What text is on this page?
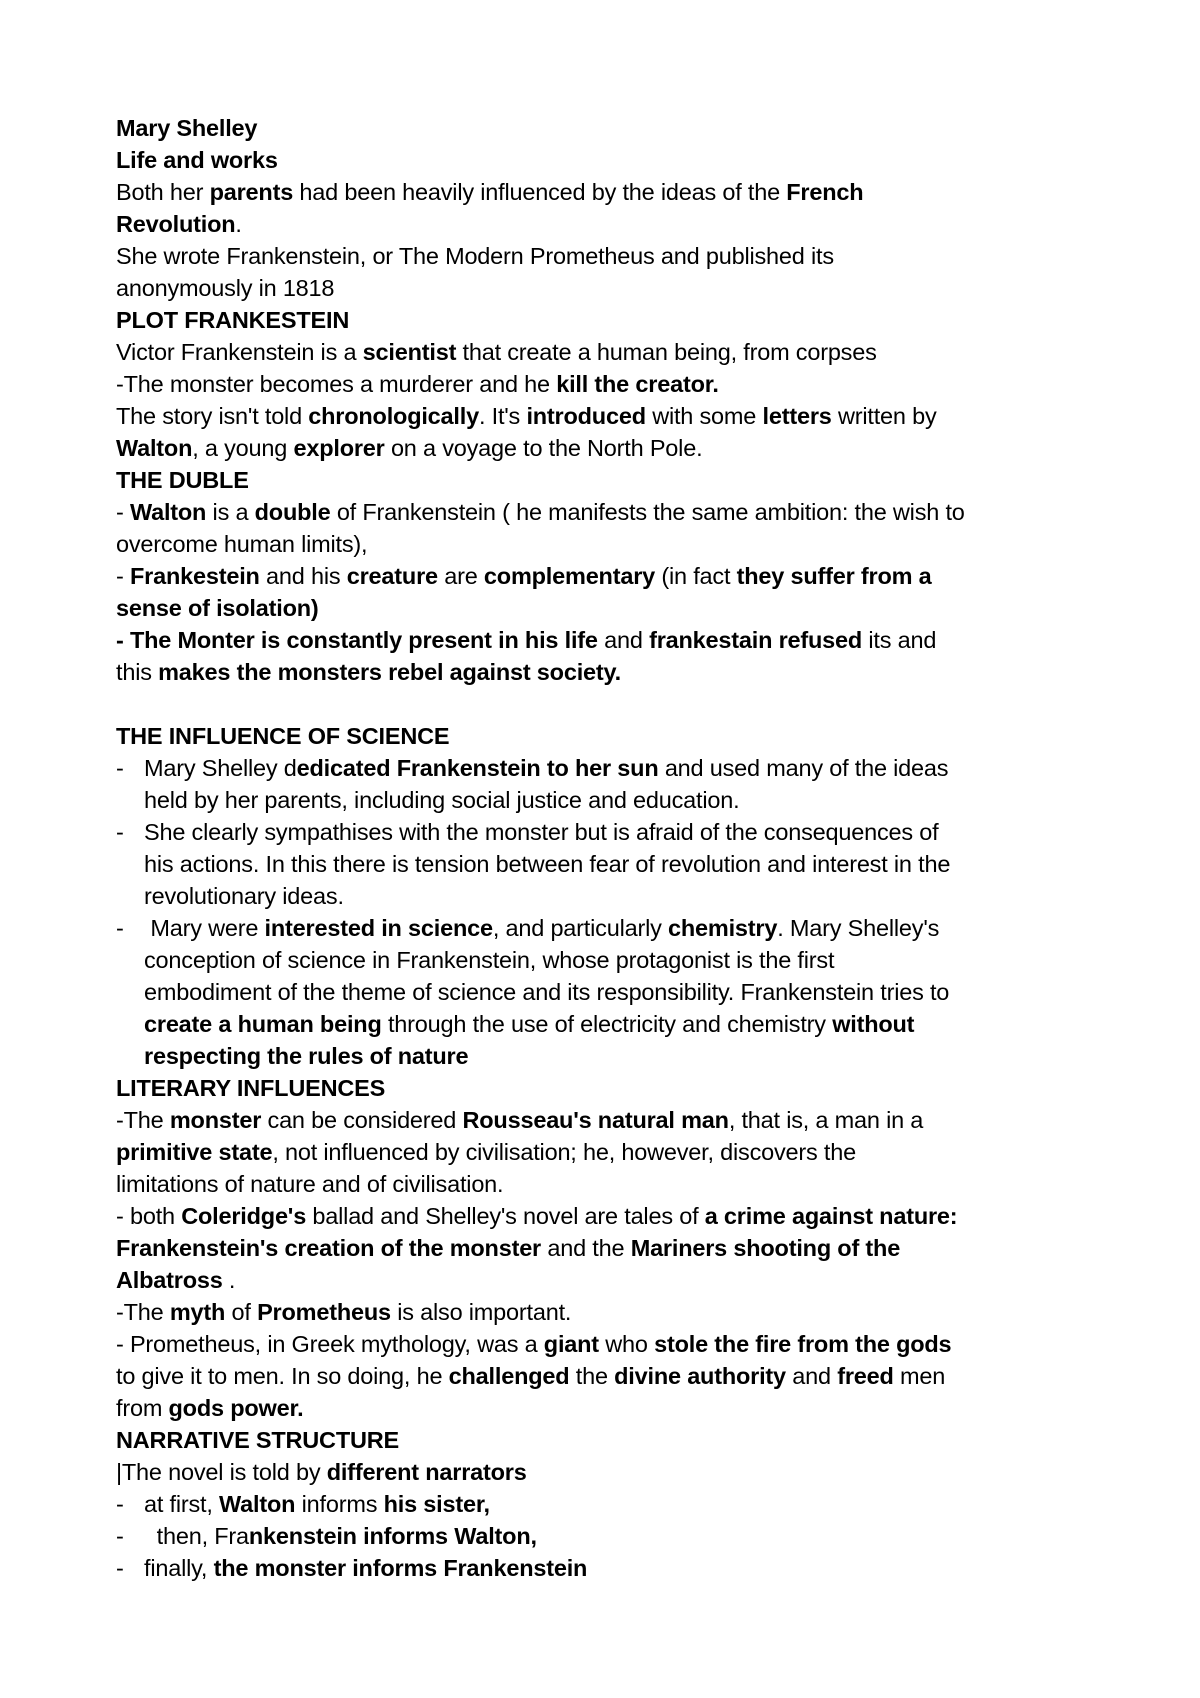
Mary Shelley
Life and works
Both her parents had been heavily influenced by the ideas of the French
Revolution.
She wrote Frankenstein, or The Modern Prometheus and published its
anonymously in 1818
PLOT FRANKESTEIN
Victor Frankenstein is a scientist that create a human being, from corpses
-The monster becomes a murderer and he kill the creator.
The story isn't told chronologically. It's introduced with some letters written by
Walton, a young explorer on a voyage to the North Pole.
THE DUBLE
- Walton is a double of Frankenstein ( he manifests the same ambition: the wish to
overcome human limits),
- Frankestein and his creature are complementary (in fact they suffer from a
sense of isolation)
- The Monter is constantly present in his life and frankestain refused its and
this makes the monsters rebel against society.
THE INFLUENCE OF SCIENCE
- Mary Shelley dedicated Frankenstein to her sun and used many of the ideas
held by her parents, including social justice and education.
- She clearly sympathises with the monster but is afraid of the consequences of
his actions. In this there is tension between fear of revolution and interest in the
revolutionary ideas.
- Mary were interested in science, and particularly chemistry. Mary Shelley's
conception of science in Frankenstein, whose protagonist is the first
embodiment of the theme of science and its responsibility. Frankenstein tries to
create a human being through the use of electricity and chemistry without
respecting the rules of nature
LITERARY INFLUENCES
-The monster can be considered Rousseau's natural man, that is, a man in a
primitive state, not influenced by civilisation; he, however, discovers the
limitations of nature and of civilisation.
- both Coleridge's ballad and Shelley's novel are tales of a crime against nature:
Frankenstein's creation of the monster and the Mariners shooting of the
Albatross .
-The myth of Prometheus is also important.
- Prometheus, in Greek mythology, was a giant who stole the fire from the gods
to give it to men. In so doing, he challenged the divine authority and freed men
from gods power.
NARRATIVE STRUCTURE
|The novel is told by different narrators
- at first, Walton informs his sister,
- then, Frankenstein informs Walton,
- finally, the monster informs Frankenstein
